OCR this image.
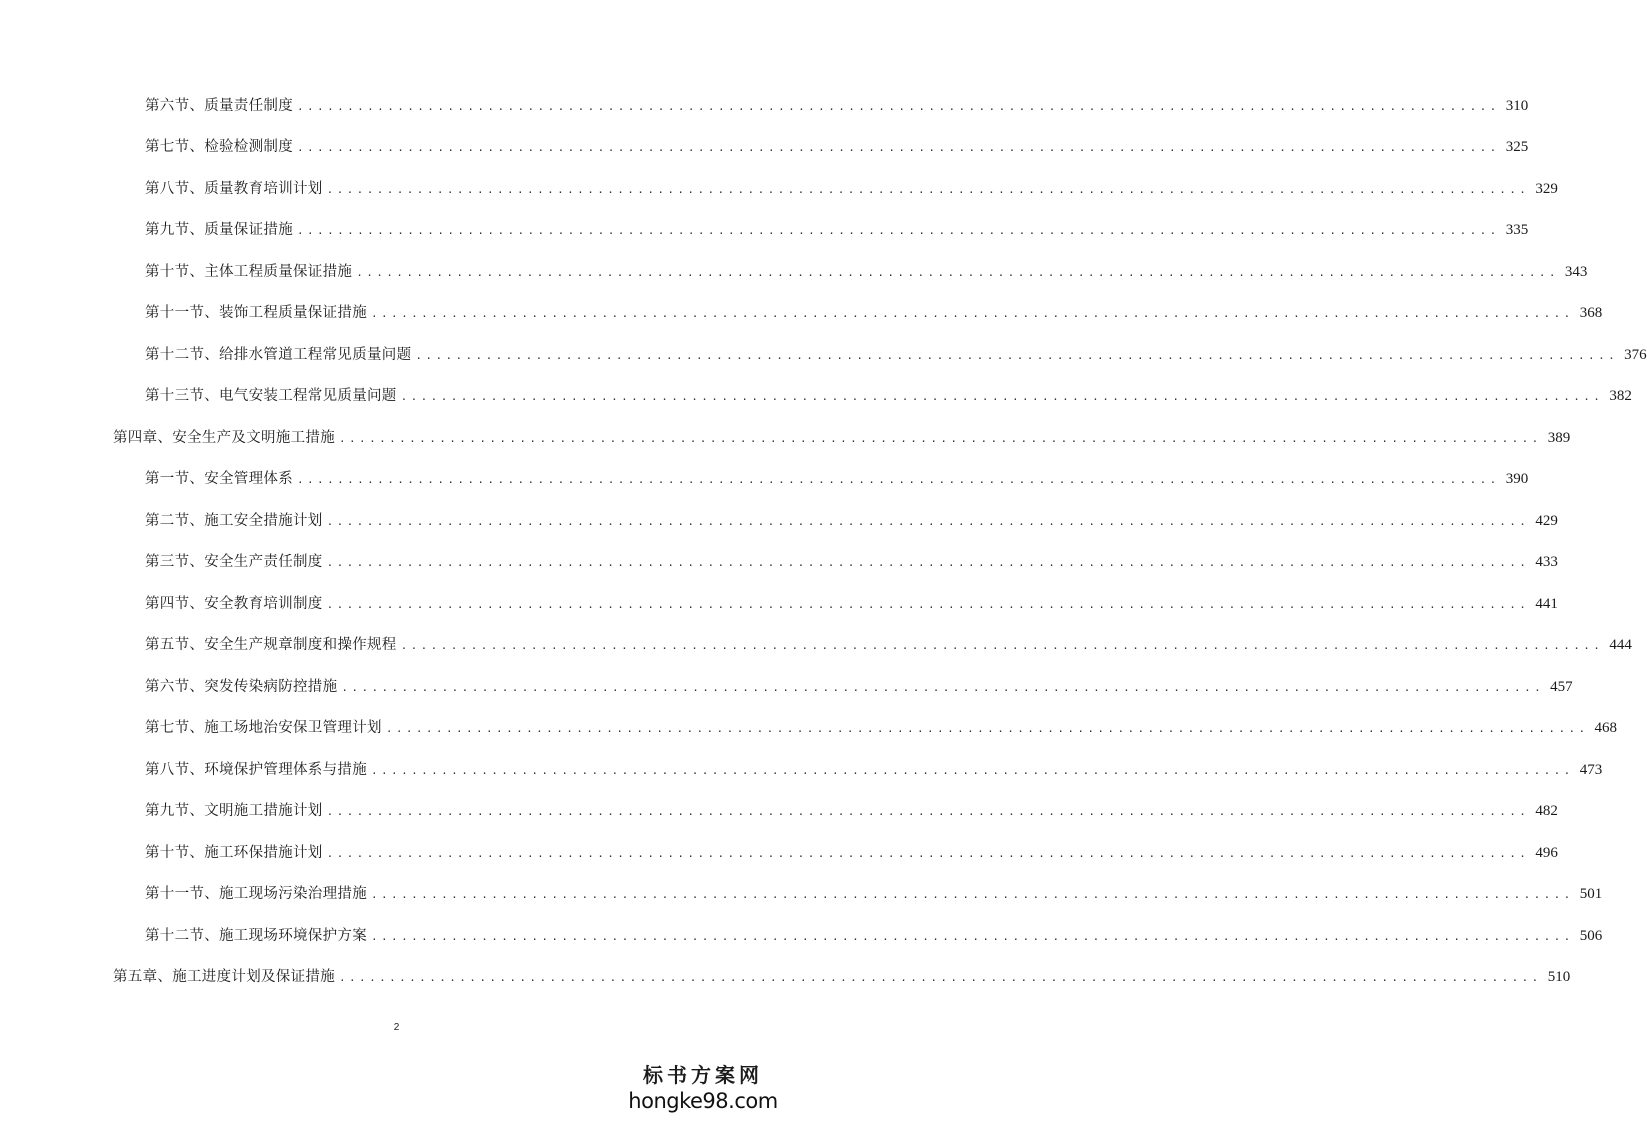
第六节、质量责任制度 ........................................................................................................................ 310
第七节、检验检测制度 ........................................................................................................................ 325
第八节、质量教育培训计划 ........................................................................................................................ 329
第九节、质量保证措施 ........................................................................................................................ 335
第十节、主体工程质量保证措施 ........................................................................................................................ 343
第十一节、装饰工程质量保证措施 ........................................................................................................................ 368
第十二节、给排水管道工程常见质量问题 ........................................................................................................................ 376
第十三节、电气安装工程常见质量问题 ........................................................................................................................ 382
第四章、安全生产及文明施工措施 ........................................................................................................................ 389
第一节、安全管理体系 ........................................................................................................................ 390
第二节、施工安全措施计划 ........................................................................................................................ 429
第三节、安全生产责任制度 ........................................................................................................................ 433
第四节、安全教育培训制度 ........................................................................................................................ 441
第五节、安全生产规章制度和操作规程 ........................................................................................................................ 444
第六节、突发传染病防控措施 ........................................................................................................................ 457
第七节、施工场地治安保卫管理计划 ........................................................................................................................ 468
第八节、环境保护管理体系与措施 ........................................................................................................................ 473
第九节、文明施工措施计划 ........................................................................................................................ 482
第十节、施工环保措施计划 ........................................................................................................................ 496
第十一节、施工现场污染治理措施 ........................................................................................................................ 501
第十二节、施工现场环境保护方案 ........................................................................................................................ 506
第五章、施工进度计划及保证措施 ........................................................................................................................ 510
2
标书方案网
hongke98.com
